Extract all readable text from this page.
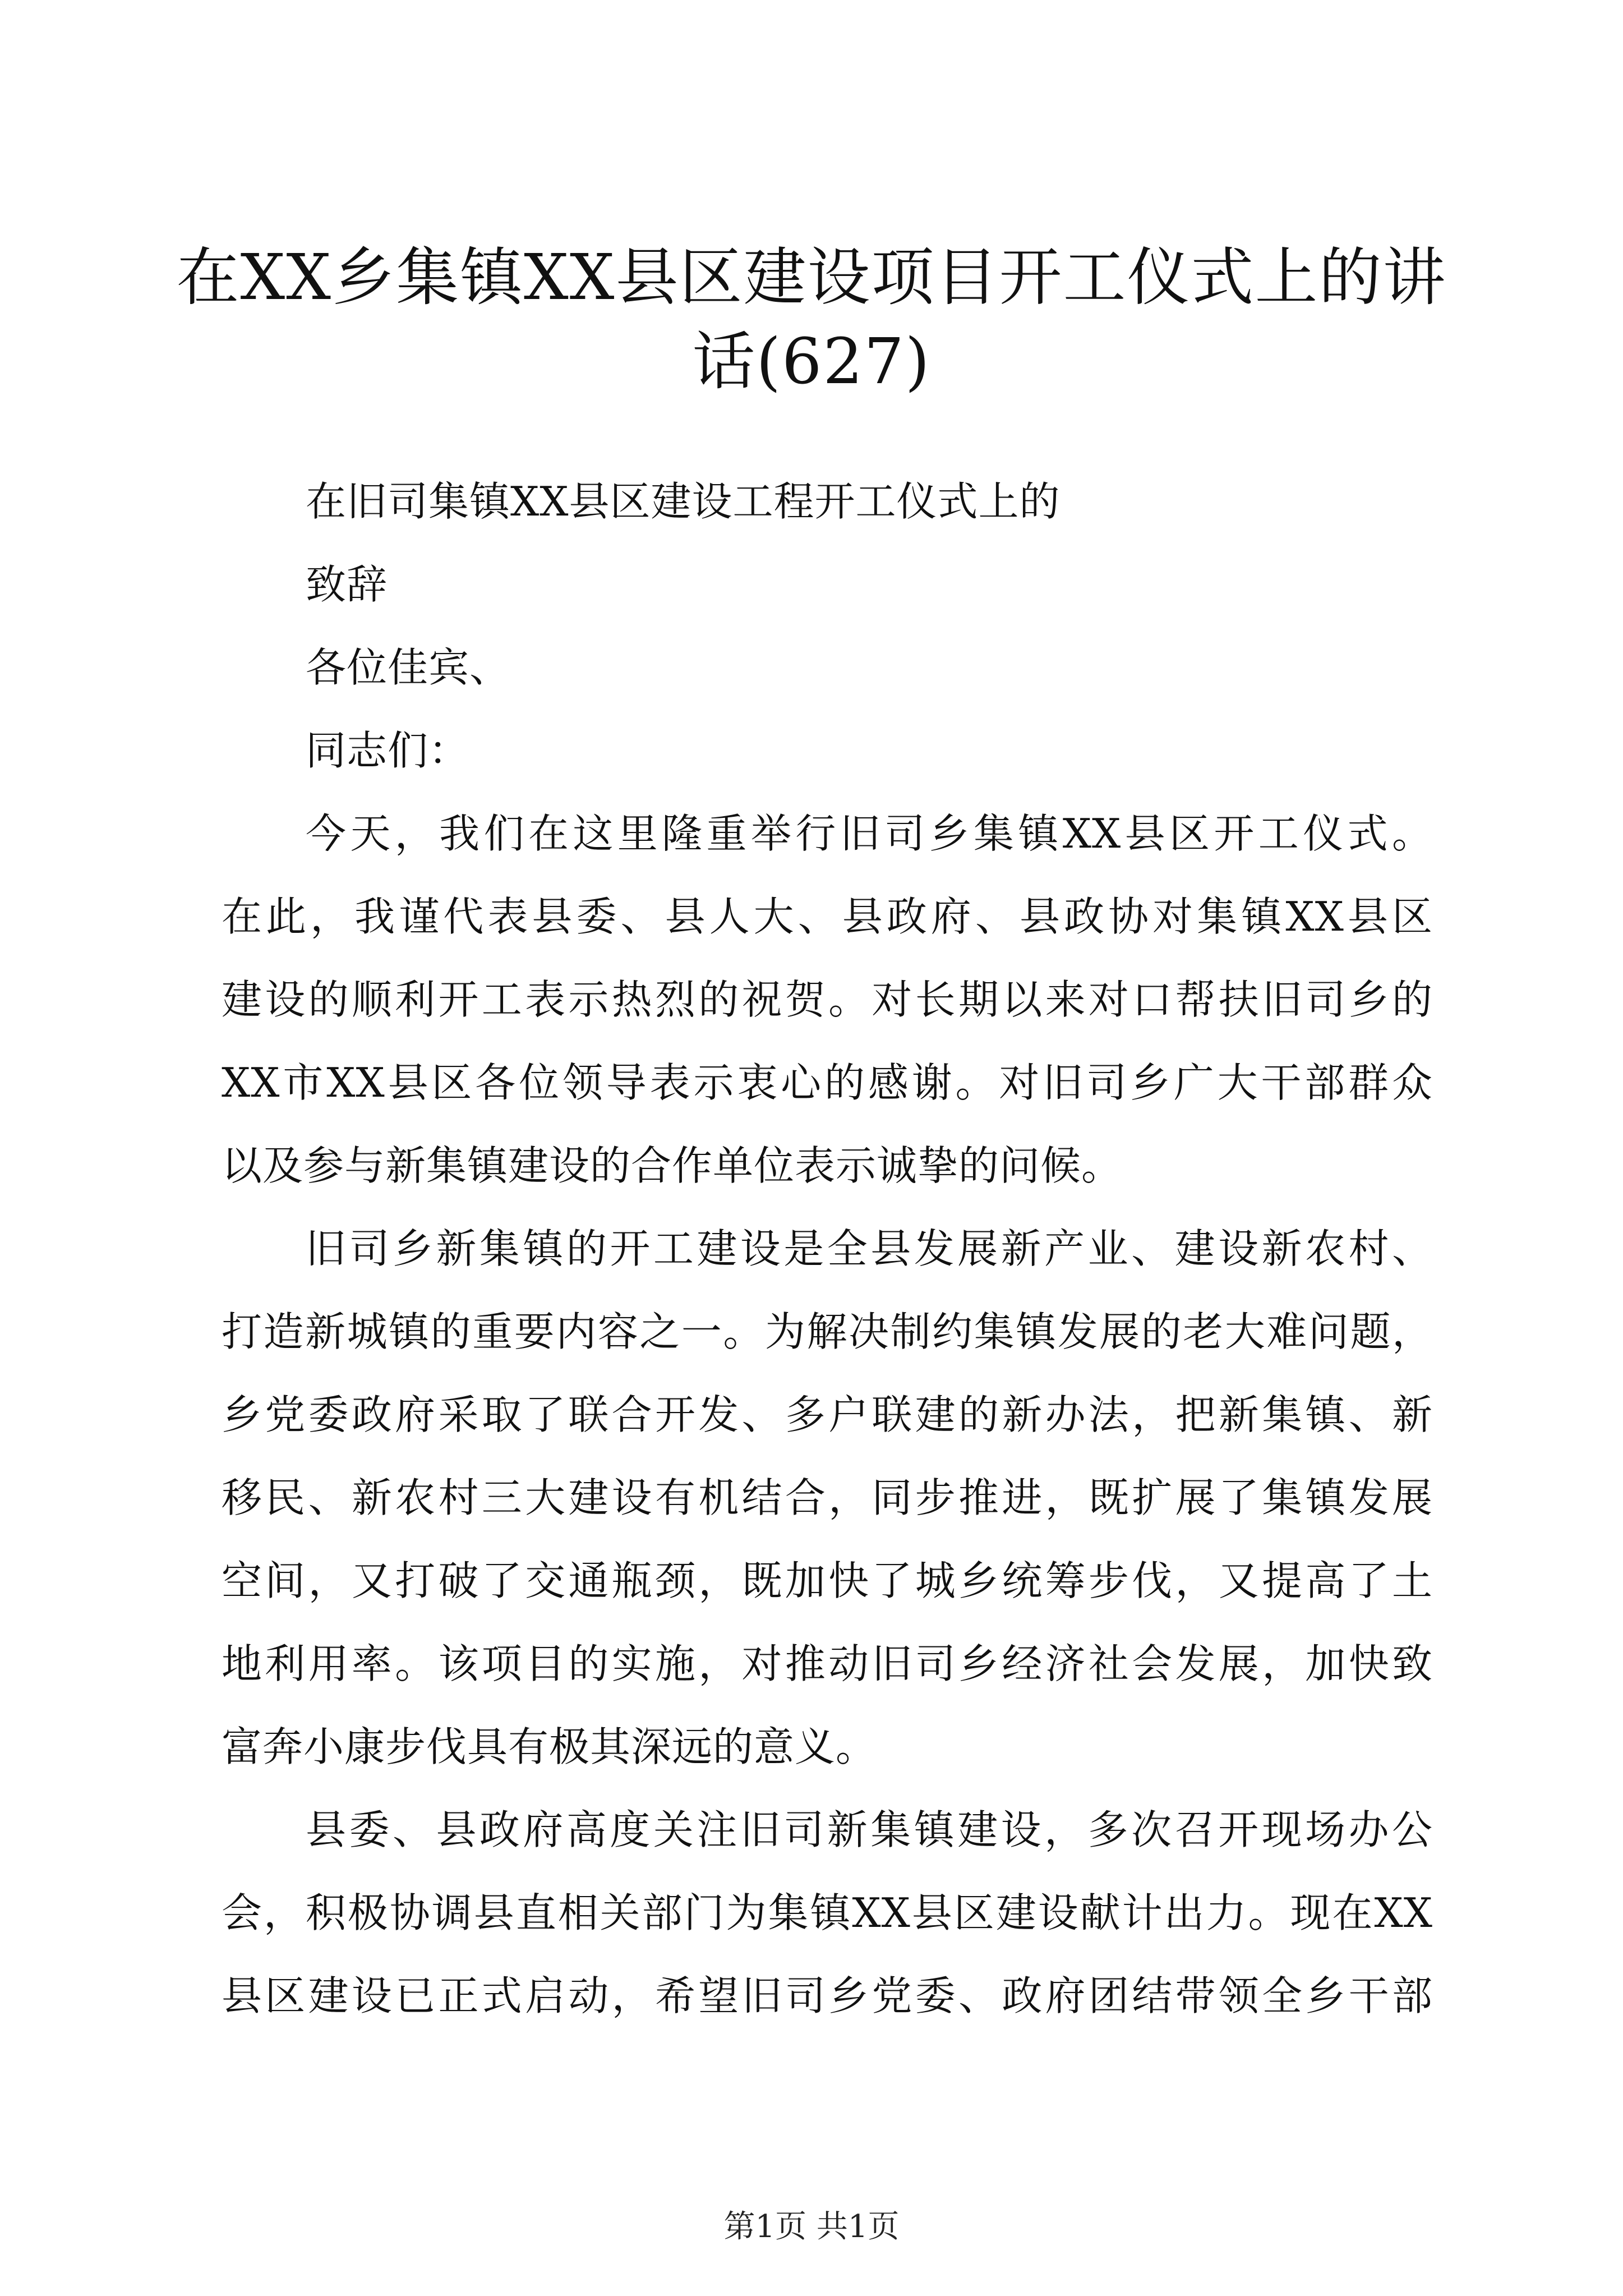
在XX乡集镇XX县区建设项目开工仪式上的讲
话(627)

在旧司集镇XX县区建设工程开工仪式上的

致辞

各位佳宾、

同志们：

今天，我们在这里隆重举行旧司乡集镇XX县区开工仪式。

在此，我谨代表县委、县人大、县政府、县政协对集镇XX县区

建设的顺利开工表示热烈的祝贺。对长期以来对口帮扶旧司乡的

XX市XX县区各位领导表示衷心的感谢。对旧司乡广大干部群众

以及参与新集镇建设的合作单位表示诚挚的问候。

旧司乡新集镇的开工建设是全县发展新产业、建设新农村、

打造新城镇的重要内容之一。为解决制约集镇发展的老大难问题，

乡党委政府采取了联合开发、多户联建的新办法，把新集镇、新

移民、新农村三大建设有机结合，同步推进，既扩展了集镇发展

空间，又打破了交通瓶颈，既加快了城乡统筹步伐，又提高了土

地利用率。该项目的实施，对推动旧司乡经济社会发展，加快致

富奔小康步伐具有极其深远的意义。

县委、县政府高度关注旧司新集镇建设，多次召开现场办公

会，积极协调县直相关部门为集镇XX县区建设献计出力。现在XX

县区建设已正式启动，希望旧司乡党委、政府团结带领全乡干部

第1页 共1页
